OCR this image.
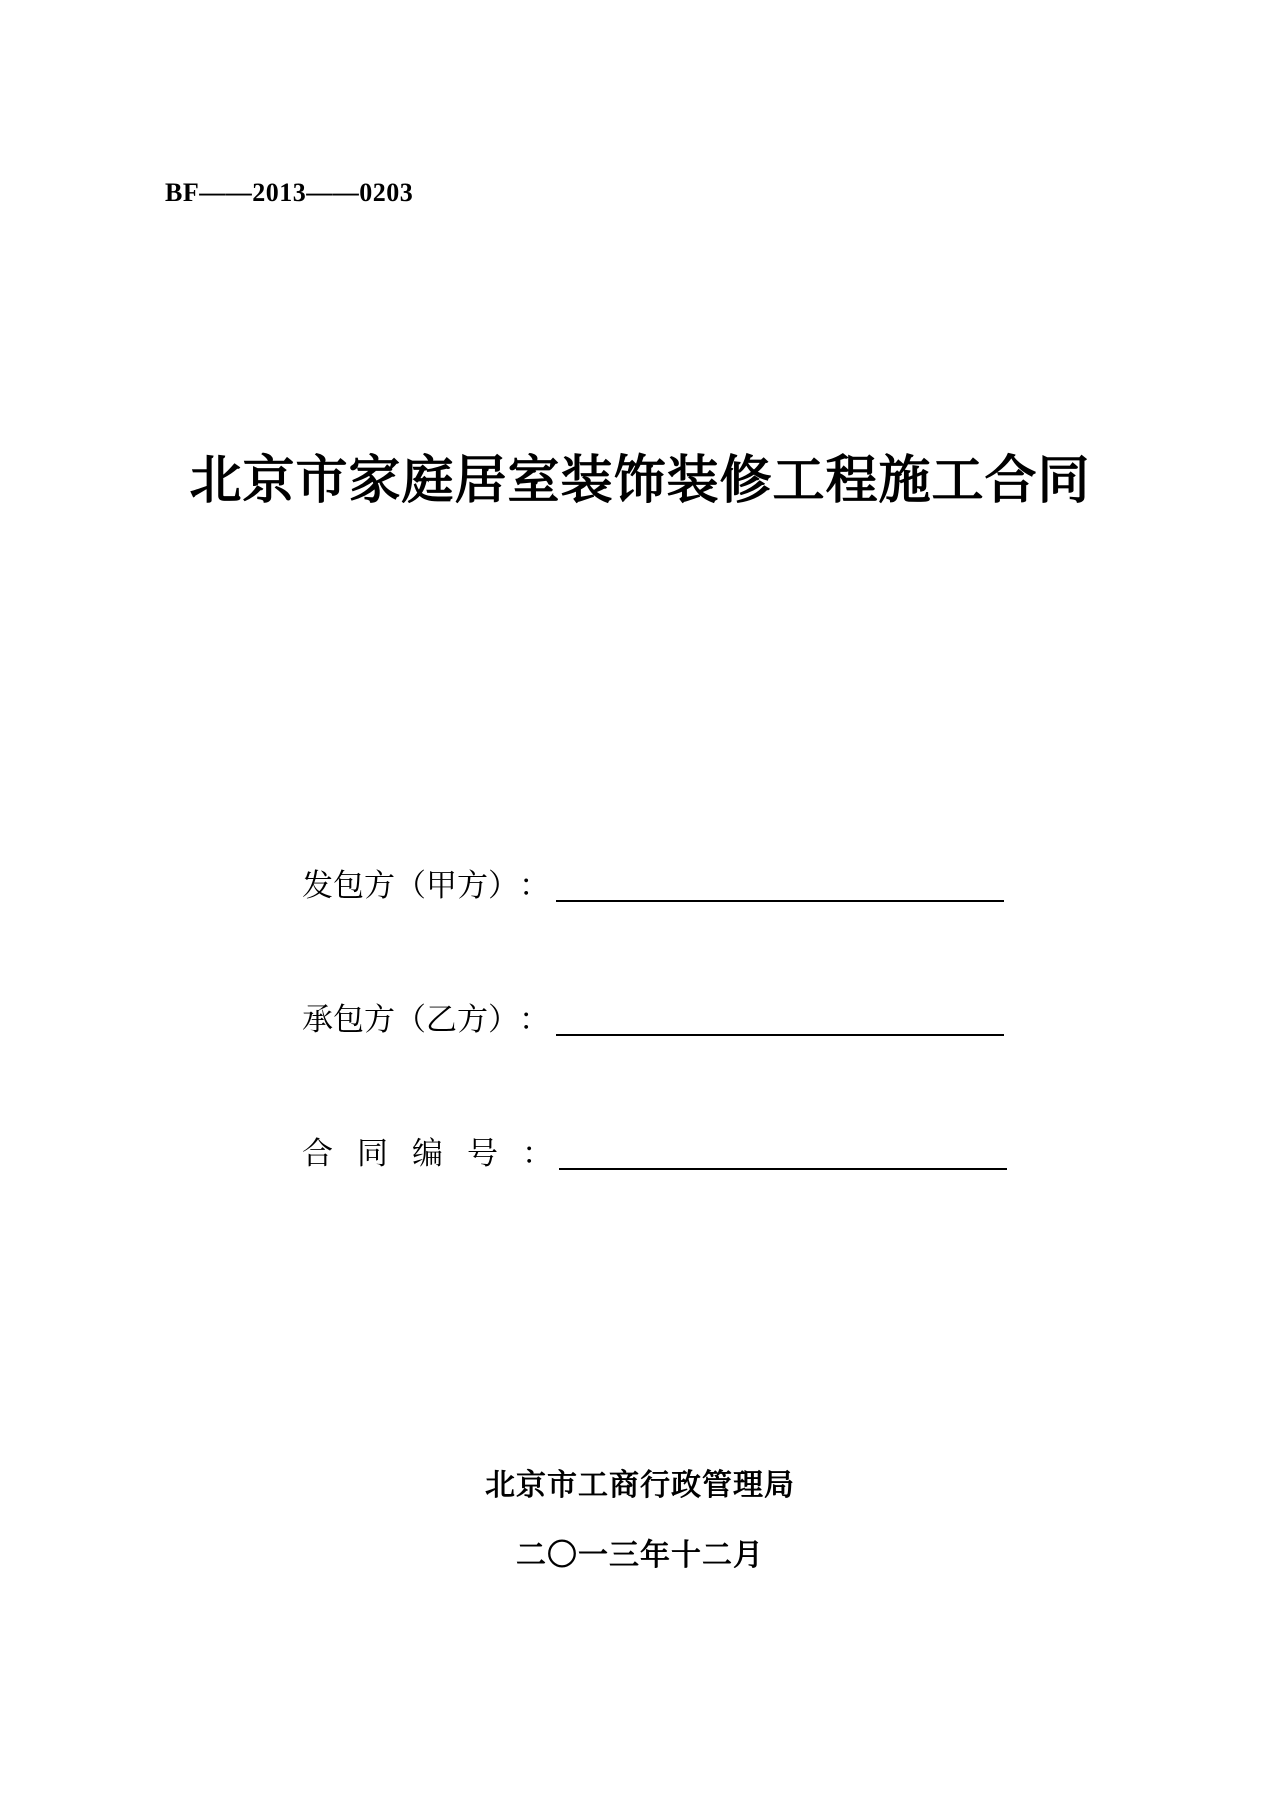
BF——2013——0203
北京市家庭居室装饰装修工程施工合同
发包方（甲方） ：
承包方（乙方） ：
合同编号 ：
北京市工商行政管理局
二〇一三年十二月
